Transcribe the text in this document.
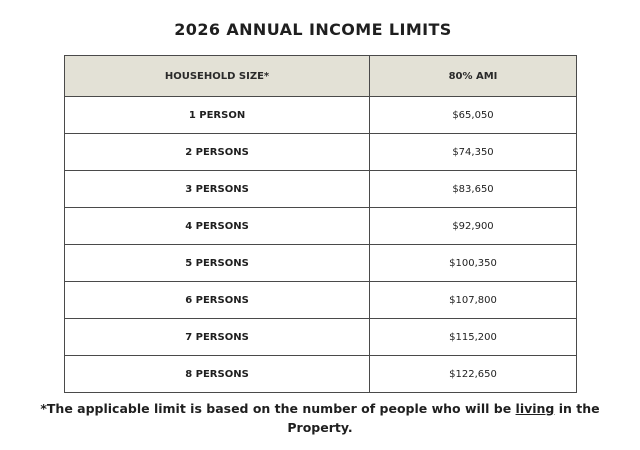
2026 ANNUAL INCOME LIMITS
HOUSEHOLD SIZE*	80% AMI
1 PERSON	$65,050
2 PERSONS	$74,350
3 PERSONS	$83,650
4 PERSONS	$92,900
5 PERSONS	$100,350
6 PERSONS	$107,800
7 PERSONS	$115,200
8 PERSONS	$122,650
*The applicable limit is based on the number of people who will be living in the Property.
